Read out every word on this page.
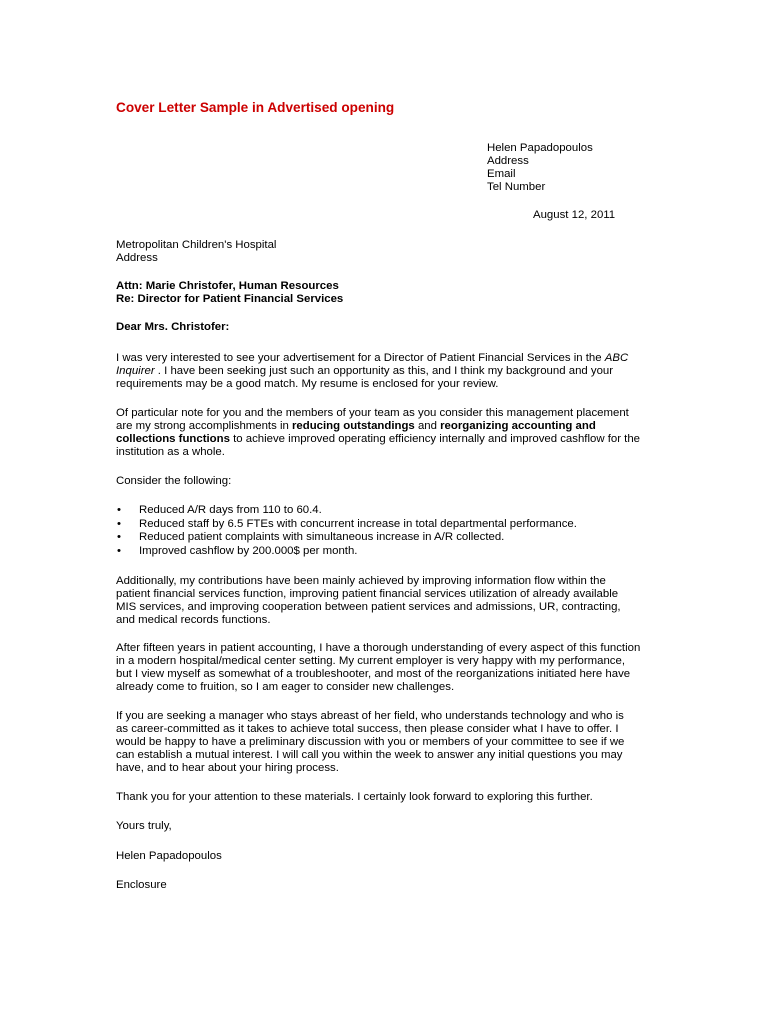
Cover Letter Sample in Advertised opening
Helen Papadopoulos
Address
Email
Tel Number
August 12, 2011
Metropolitan Children's Hospital
Address
Attn: Marie Christofer, Human Resources
Re: Director for Patient Financial Services
Dear Mrs. Christofer:
I was very interested to see your advertisement for a Director of Patient Financial Services in the ABC
Inquirer . I have been seeking just such an opportunity as this, and I think my background and your
requirements may be a good match. My resume is enclosed for your review.
Of particular note for you and the members of your team as you consider this management placement
are my strong accomplishments in reducing outstandings and reorganizing accounting and
collections functions to achieve improved operating efficiency internally and improved cashflow for the
institution as a whole.
Consider the following:
• Reduced A/R days from 110 to 60.4.
• Reduced staff by 6.5 FTEs with concurrent increase in total departmental performance.
• Reduced patient complaints with simultaneous increase in A/R collected.
• Improved cashflow by 200.000$ per month.
Additionally, my contributions have been mainly achieved by improving information flow within the
patient financial services function, improving patient financial services utilization of already available
MIS services, and improving cooperation between patient services and admissions, UR, contracting,
and medical records functions.
After fifteen years in patient accounting, I have a thorough understanding of every aspect of this function
in a modern hospital/medical center setting. My current employer is very happy with my performance,
but I view myself as somewhat of a troubleshooter, and most of the reorganizations initiated here have
already come to fruition, so I am eager to consider new challenges.
If you are seeking a manager who stays abreast of her field, who understands technology and who is
as career-committed as it takes to achieve total success, then please consider what I have to offer. I
would be happy to have a preliminary discussion with you or members of your committee to see if we
can establish a mutual interest. I will call you within the week to answer any initial questions you may
have, and to hear about your hiring process.
Thank you for your attention to these materials. I certainly look forward to exploring this further.
Yours truly,
Helen Papadopoulos
Enclosure
